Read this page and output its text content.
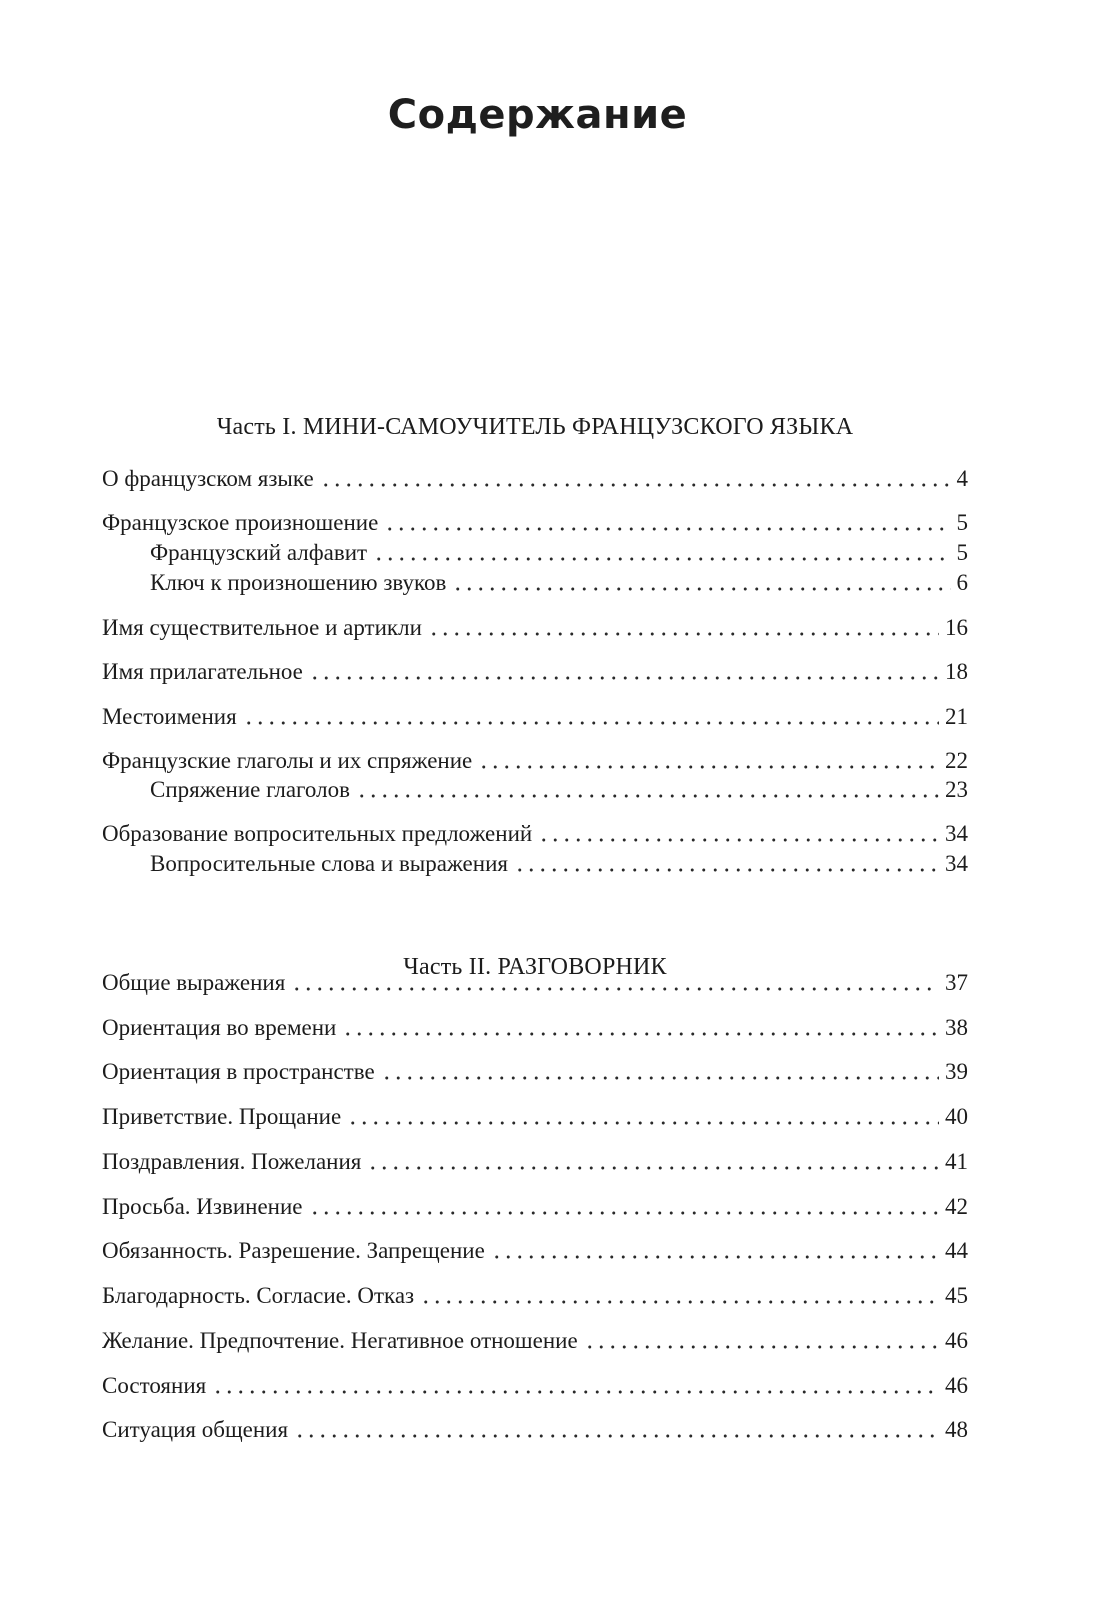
Содержание
Часть I. МИНИ-САМОУЧИТЕЛЬ ФРАНЦУЗСКОГО ЯЗЫКА
О французском языке	4
Французское произношение	5
Французский алфавит	5
Ключ к произношению звуков	6
Имя существительное и артикли	16
Имя прилагательное	18
Местоимения	21
Французские глаголы и их спряжение	22
Спряжение глаголов	23
Образование вопросительных предложений	34
Вопросительные слова и выражения	34
Часть II. РАЗГОВОРНИК
Общие выражения	37
Ориентация во времени	38
Ориентация в пространстве	39
Приветствие. Прощание	40
Поздравления. Пожелания	41
Просьба. Извинение	42
Обязанность. Разрешение. Запрещение	44
Благодарность. Согласие. Отказ	45
Желание. Предпочтение. Негативное отношение	46
Состояния	46
Ситуация общения	48
